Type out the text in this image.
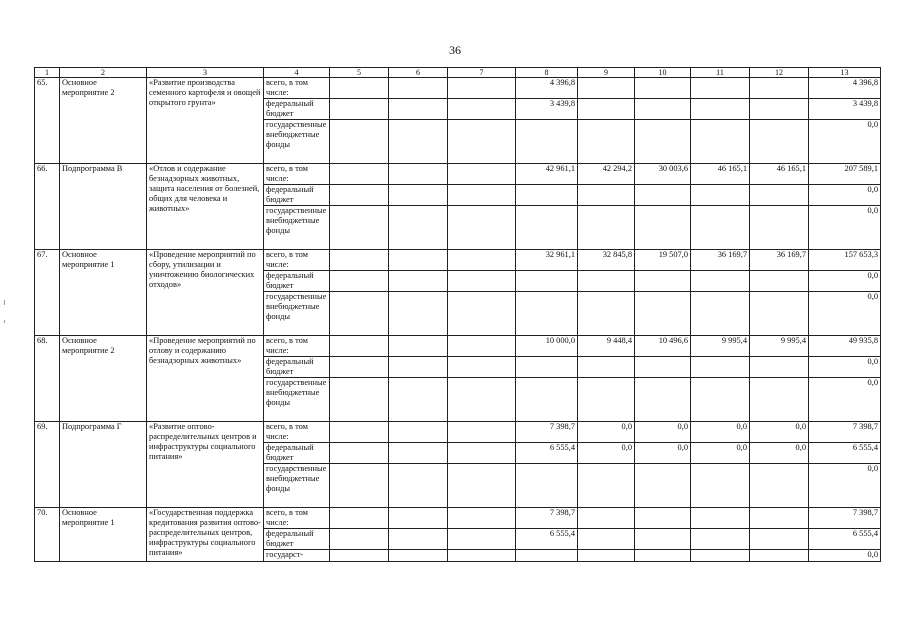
36
1	2	3	4	5	6	7	8	9	10	11	12	13
65.	Основное мероприятие 2	«Развитие производства семенного картофеля и овощей открытого грунта»	всего, в том числе:				4 396,8					4 396,8
			федеральный бюджет				3 439,8					3 439,8
			государственные внебюджетные фонды									0,0
66.	Подпрограмма В	«Отлов и содержание безнадзорных животных, защита населения от болезней, общих для человека и животных»	всего, в том числе:				42 961,1	42 294,2	30 003,6	46 165,1	46 165,1	207 589,1
			федеральный бюджет									0,0
			государственные внебюджетные фонды									0,0
67.	Основное мероприятие 1	«Проведение мероприятий по сбору, утилизации и уничтожению биологических отходов»	всего, в том числе:				32 961,1	32 845,8	19 507,0	36 169,7	36 169,7	157 653,3
			федеральный бюджет									0,0
			государственные внебюджетные фонды									0,0
68.	Основное мероприятие 2	«Проведение мероприятий по отлову и содержанию безнадзорных животных»	всего, в том числе:				10 000,0	9 448,4	10 496,6	9 995,4	9 995,4	49 935,8
			федеральный бюджет									0,0
			государственные внебюджетные фонды									0,0
69.	Подпрограмма Г	«Развитие оптово-распределительных центров и инфраструктуры социального питания»	всего, в том числе:				7 398,7	0,0	0,0	0,0	0,0	7 398,7
			федеральный бюджет				6 555,4	0,0	0,0	0,0	0,0	6 555,4
			государственные внебюджетные фонды									0,0
70.	Основное мероприятие 1	«Государственная поддержка кредитования развития оптово-распределительных центров, инфраструктуры социального питания»	всего, в том числе:				7 398,7					7 398,7
			федеральный бюджет				6 555,4					6 555,4
			государст-									0,0
